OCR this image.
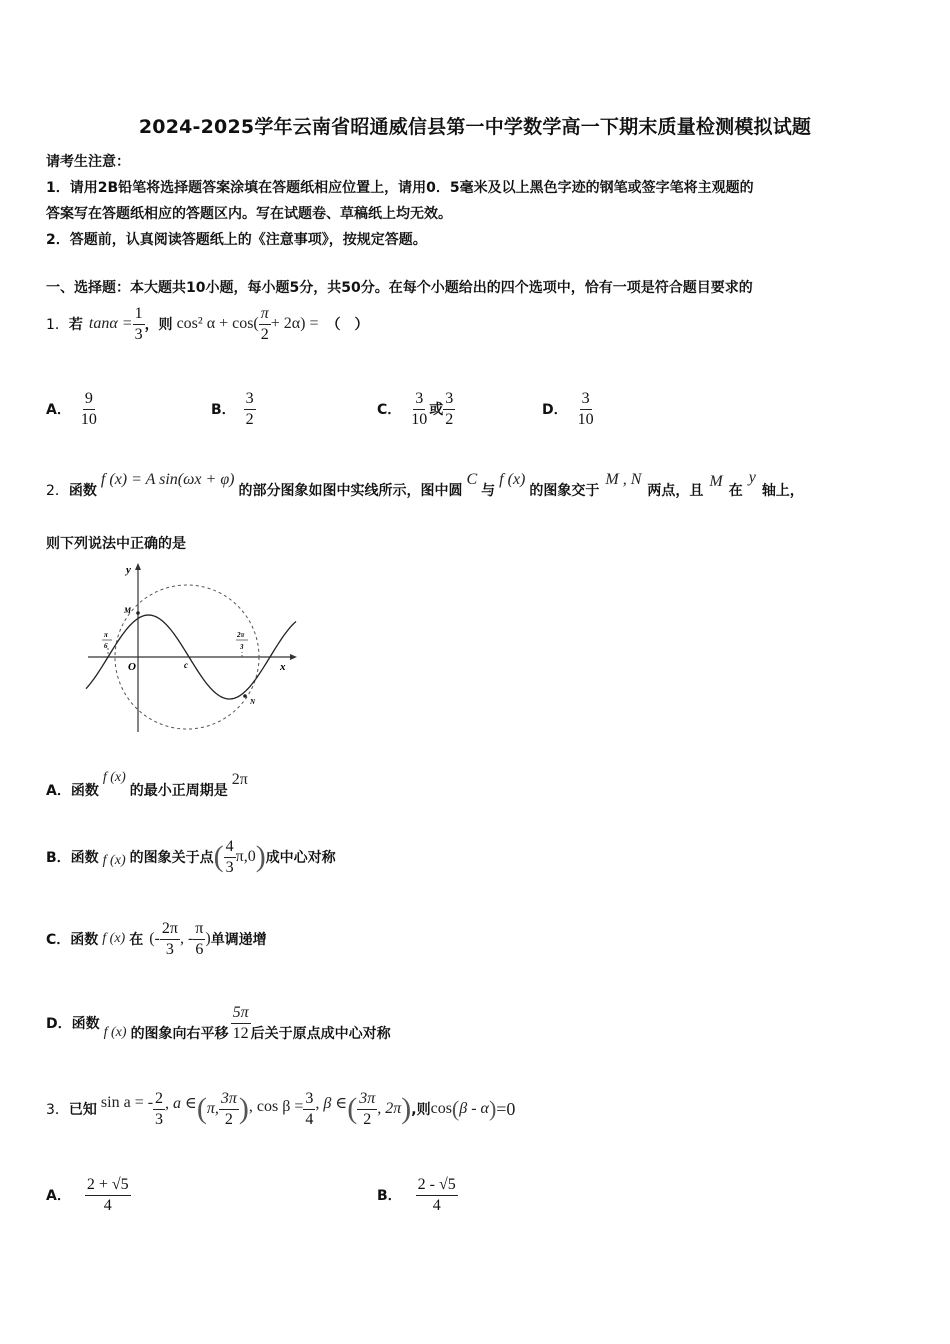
2024-2025学年云南省昭通威信县第一中学数学高一下期末质量检测模拟试题
请考生注意：
1．请用2B铅笔将选择题答案涂填在答题纸相应位置上，请用0．5毫米及以上黑色字迹的钢笔或签字笔将主观题的
答案写在答题纸相应的答题区内。写在试题卷、草稿纸上均无效。
2．答题前，认真阅读答题纸上的《注意事项》，按规定答题。
一、选择题：本大题共10小题，每小题5分，共50分。在每个小题给出的四个选项中，恰有一项是符合题目要求的
1． 若 $\tan\alpha = \frac{1}{3}$ ，则 cos² $\alpha + \cos( \frac{\pi}{2} + 2\alpha)$ = （　）
A． $\frac{9}{10}$	B． $\frac{3}{2}$	C． $\frac{3}{10}$ 或 $\frac{3}{2}$	D． $\frac{3}{10}$
2． 函数
f (x) = A sin(ωx + φ)
的部分图象如图中实线所示，图中圆
C
与
f (x)
的图象交于
M , N
两点，且
M
在
y
轴上，
则下列说法中正确的是
y
x
O
M
N
c
π
6
2π
3
A． 函数
f (x)
的最小正周期是
2π
B． 函数 f (x) 的图象关于点 ( $\frac{4}{3} \pi,0$ ) 成中心对称
C． 函数 f (x) 在 (- $\frac{2\pi}{3}$ , - $\frac{\pi}{6}$ ) 单调递增
D． 函数
f (x) 的图象向右平移 $\frac{5\pi}{12}$ 后关于原点成中心对称
3． 已知 sin a = - $\frac{2}{3}$ , a ∈ ( π, $\frac{3\pi}{2}$ ) , $\cos \beta = \frac{3}{4}$ , β ∈ ( $\frac{3\pi}{2}$ , 2π ) ,则 cos ( β - α ) =0
A． $\frac{2 + √5}{4}$	B． $\frac{2 - √5}{4}$
